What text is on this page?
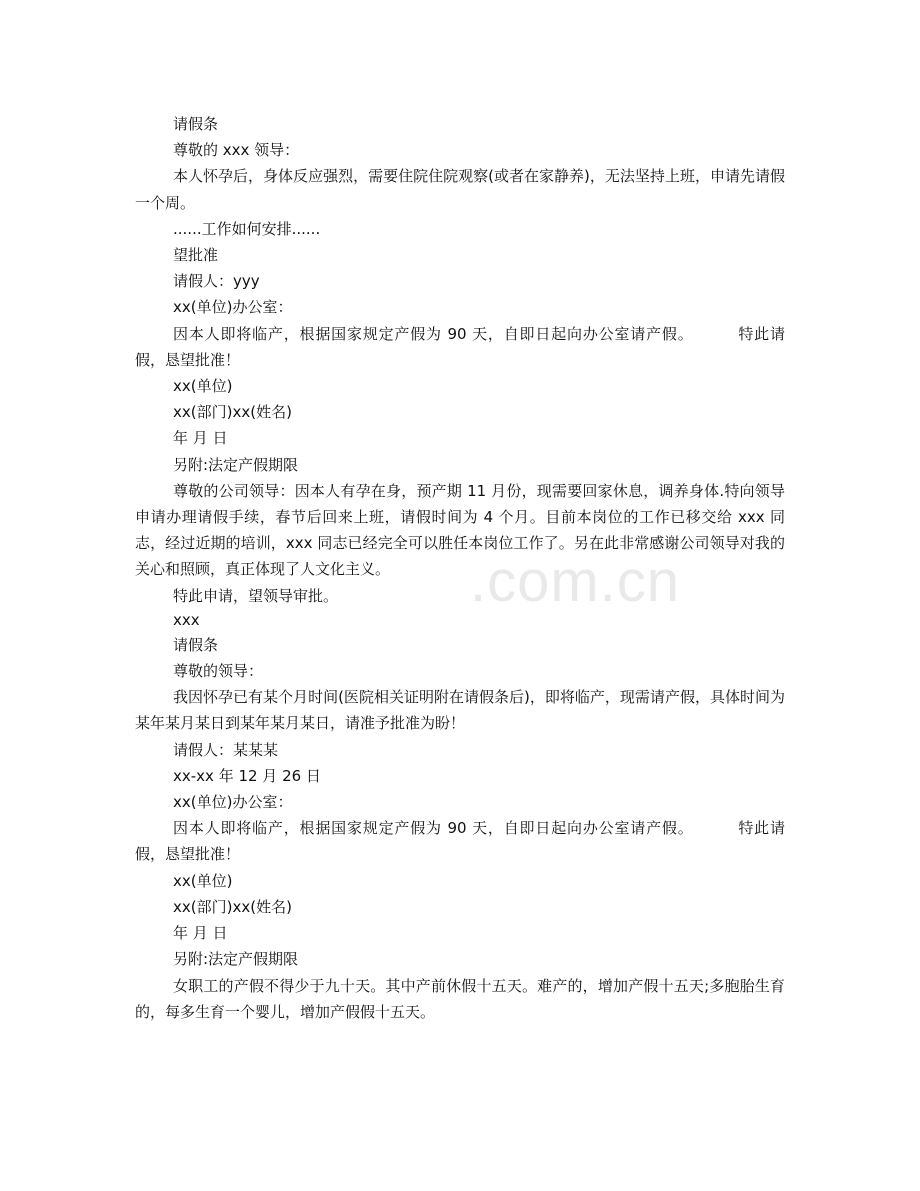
.com.cn

请假条

尊敬的 xxx 领导：

本人怀孕后，身体反应强烈，需要住院住院观察(或者在家静养)，无法坚持上班，申请先请假一个周。

......工作如何安排......

望批准

请假人：yyy

xx(单位)办公室：

因本人即将临产，根据国家规定产假为 90 天，自即日起向办公室请产假。	特此请假，恳望批准！

xx(单位)

xx(部门)xx(姓名)

年 月 日

另附:法定产假期限

尊敬的公司领导：因本人有孕在身，预产期 11 月份，现需要回家休息，调养身体.特向领导申请办理请假手续，春节后回来上班，请假时间为 4 个月。目前本岗位的工作已移交给 xxx 同志，经过近期的培训，xxx 同志已经完全可以胜任本岗位工作了。另在此非常感谢公司领导对我的关心和照顾，真正体现了人文化主义。

特此申请，望领导审批。

xxx

请假条

尊敬的领导：

我因怀孕已有某个月时间(医院相关证明附在请假条后)，即将临产，现需请产假，具体时间为某年某月某日到某年某月某日，请准予批准为盼！

请假人：某某某

xx-xx 年 12 月 26 日

xx(单位)办公室：

因本人即将临产，根据国家规定产假为 90 天，自即日起向办公室请产假。	特此请假，恳望批准！

xx(单位)

xx(部门)xx(姓名)

年 月 日

另附:法定产假期限

女职工的产假不得少于九十天。其中产前休假十五天。难产的，增加产假十五天;多胞胎生育的，每多生育一个婴儿，增加产假假十五天。
